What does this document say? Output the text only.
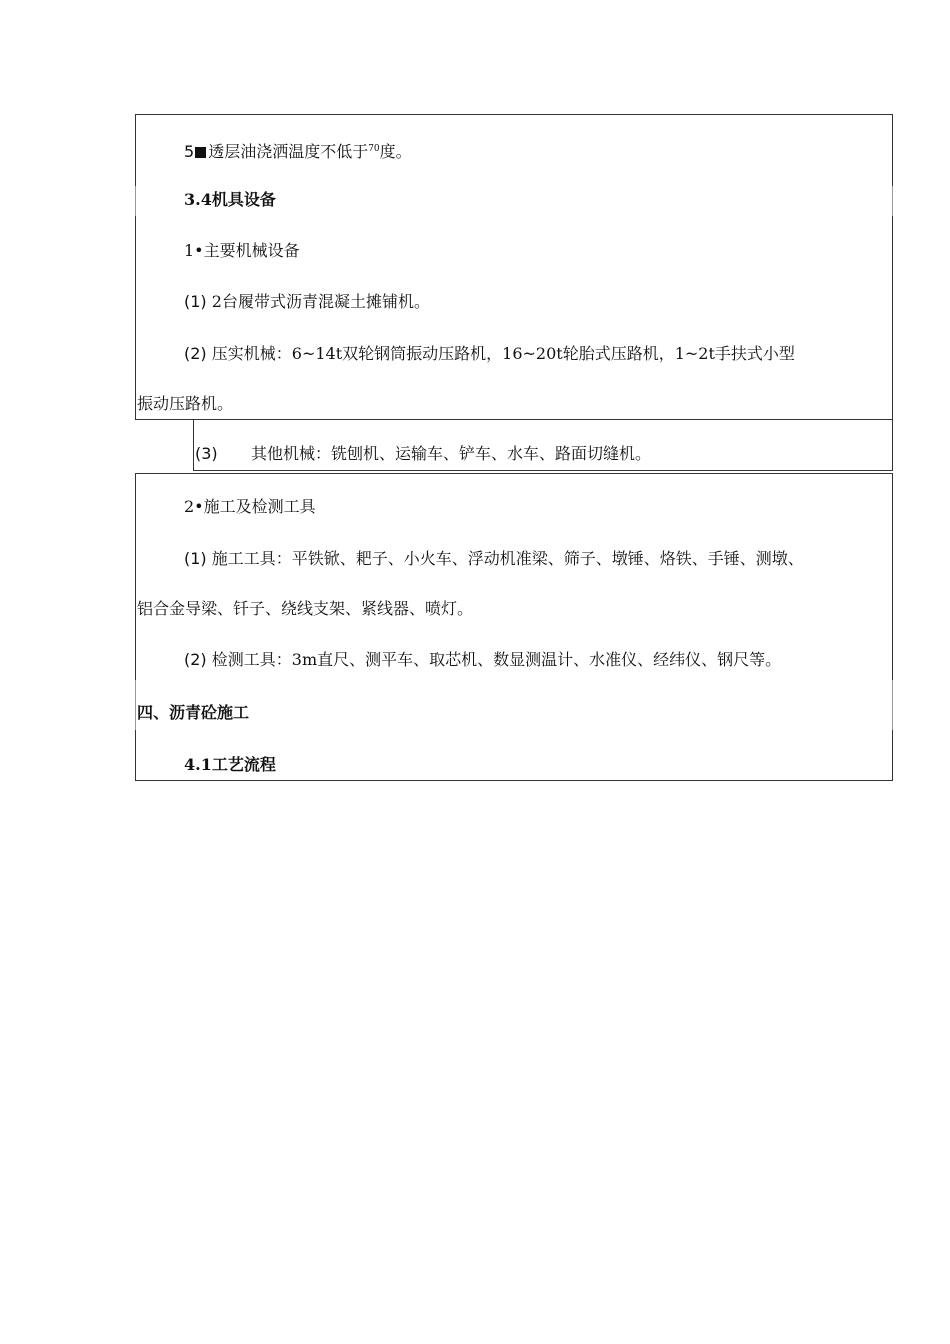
5 透层油浇洒温度不低于$^{70}$度。
3.4机具设备
1•主要机械设备
(1) 2台履带式沥青混凝土摊铺机。
(2) 压实机械：6~14t双轮钢筒振动压路机，16~20t轮胎式压路机，1~2t手扶式小型
振动压路机。
(3) 其他机械：铣刨机、运输车、铲车、水车、路面切缝机。
2•施工及检测工具
(1) 施工工具：平铁锨、耙子、小火车、浮动机准梁、筛子、墩锤、烙铁、手锤、测墩、
铝合金导梁、钎子、绕线支架、紧线器、喷灯。
(2) 检测工具：3m直尺、测平车、取芯机、数显测温计、水准仪、经纬仪、钢尺等。
四、沥青砼施工
4.1工艺流程
